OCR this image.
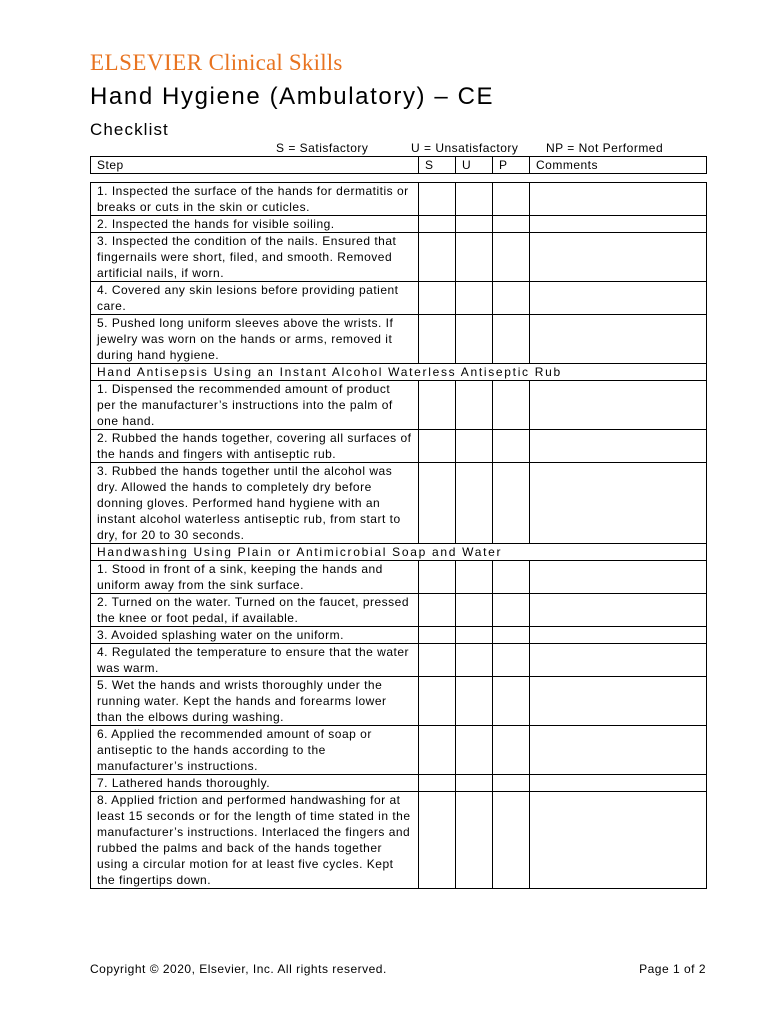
ELSEVIER Clinical Skills
Hand Hygiene (Ambulatory) – CE
Checklist
S = Satisfactory	U = Unsatisfactory NP = Not Performed
Step	S	U	P	Comments
1. Inspected the surface of the hands for dermatitis or breaks or cuts in the skin or cuticles.				
2. Inspected the hands for visible soiling.				
3. Inspected the condition of the nails. Ensured that fingernails were short, filed, and smooth. Removed artificial nails, if worn.				
4. Covered any skin lesions before providing patient care.				
5. Pushed long uniform sleeves above the wrists. If jewelry was worn on the hands or arms, removed it during hand hygiene.				
Hand Antisepsis Using an Instant Alcohol Waterless Antiseptic Rub				
1. Dispensed the recommended amount of product per the manufacturer’s instructions into the palm of one hand.				
2. Rubbed the hands together, covering all surfaces of the hands and fingers with antiseptic rub.				
3. Rubbed the hands together until the alcohol was dry. Allowed the hands to completely dry before donning gloves. Performed hand hygiene with an instant alcohol waterless antiseptic rub, from start to dry, for 20 to 30 seconds.				
Handwashing Using Plain or Antimicrobial Soap and Water				
1. Stood in front of a sink, keeping the hands and uniform away from the sink surface.				
2. Turned on the water. Turned on the faucet, pressed the knee or foot pedal, if available.				
3. Avoided splashing water on the uniform.				
4. Regulated the temperature to ensure that the water was warm.				
5. Wet the hands and wrists thoroughly under the running water. Kept the hands and forearms lower than the elbows during washing.				
6. Applied the recommended amount of soap or antiseptic to the hands according to the manufacturer’s instructions.				
7. Lathered hands thoroughly.				
8. Applied friction and performed handwashing for at least 15 seconds or for the length of time stated in the manufacturer’s instructions. Interlaced the fingers and rubbed the palms and back of the hands together using a circular motion for at least five cycles. Kept the fingertips down.				
Copyright © 2020, Elsevier, Inc. All rights reserved.	Page 1 of 2
